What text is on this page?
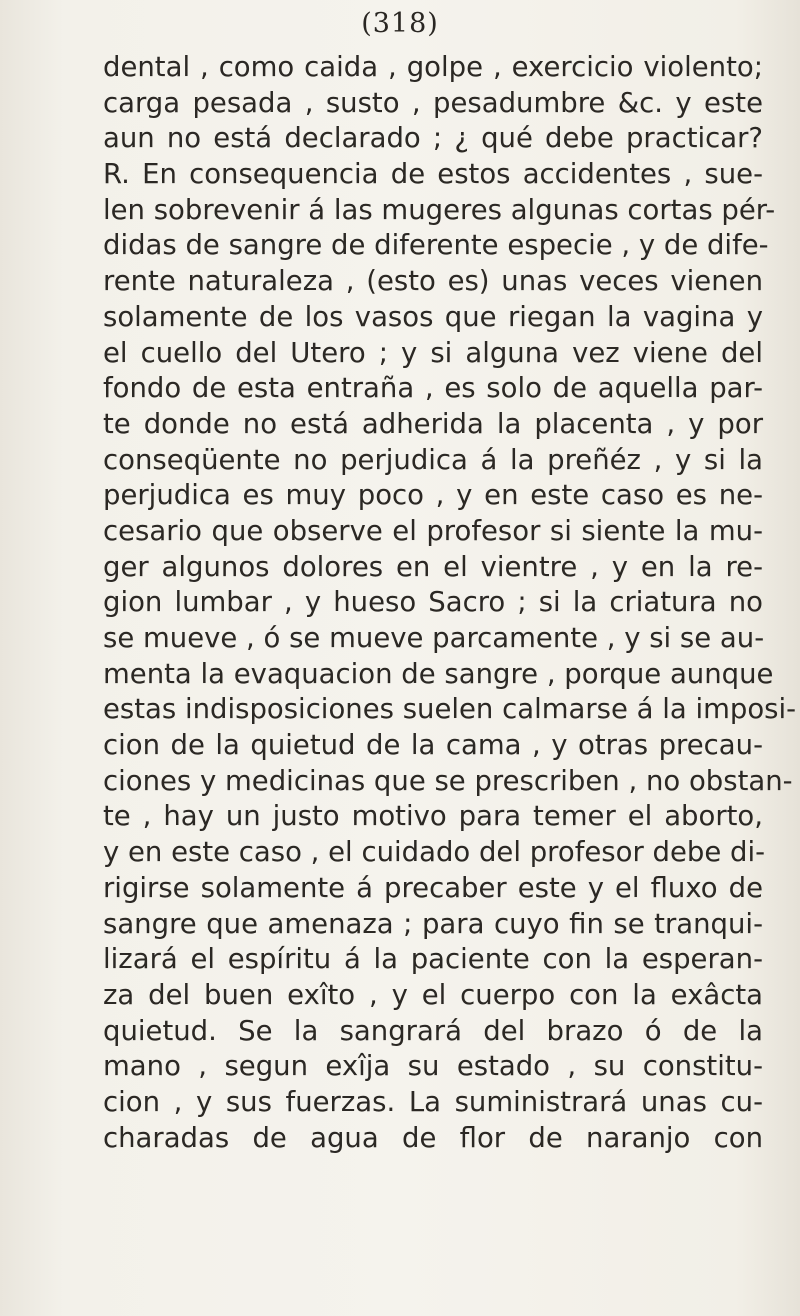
(318)
dental , como caida , golpe , exercicio violento;
carga pesada , susto , pesadumbre &c. y este
aun no está declarado ; ¿ qué debe practicar?
R. En consequencia de estos accidentes , sue-
len sobrevenir á las mugeres algunas cortas pér-
didas de sangre de diferente especie , y de dife-
rente naturaleza , (esto es) unas veces vienen
solamente de los vasos que riegan la vagina y
el cuello del Utero ; y si alguna vez viene del
fondo de esta entraña , es solo de aquella par-
te donde no está adherida la placenta , y por
conseqüente no perjudica á la preñéz , y si la
perjudica es muy poco , y en este caso es ne-
cesario que observe el profesor si siente la mu-
ger algunos dolores en el vientre , y en la re-
gion lumbar , y hueso Sacro ; si la criatura no
se mueve , ó se mueve parcamente , y si se au-
menta la evaquacion de sangre , porque aunque
estas indisposiciones suelen calmarse á la imposi-
cion de la quietud de la cama , y otras precau-
ciones y medicinas que se prescriben , no obstan-
te , hay un justo motivo para temer el aborto,
y en este caso , el cuidado del profesor debe di-
rigirse solamente á precaber este y el fluxo de
sangre que amenaza ; para cuyo fin se tranqui-
lizará el espíritu á la paciente con la esperan-
za del buen exîto , y el cuerpo con la exâcta
quietud. Se la sangrará del brazo ó de la
mano , segun exîja su estado , su constitu-
cion , y sus fuerzas. La suministrará unas cu-
charadas de agua de flor de naranjo con
